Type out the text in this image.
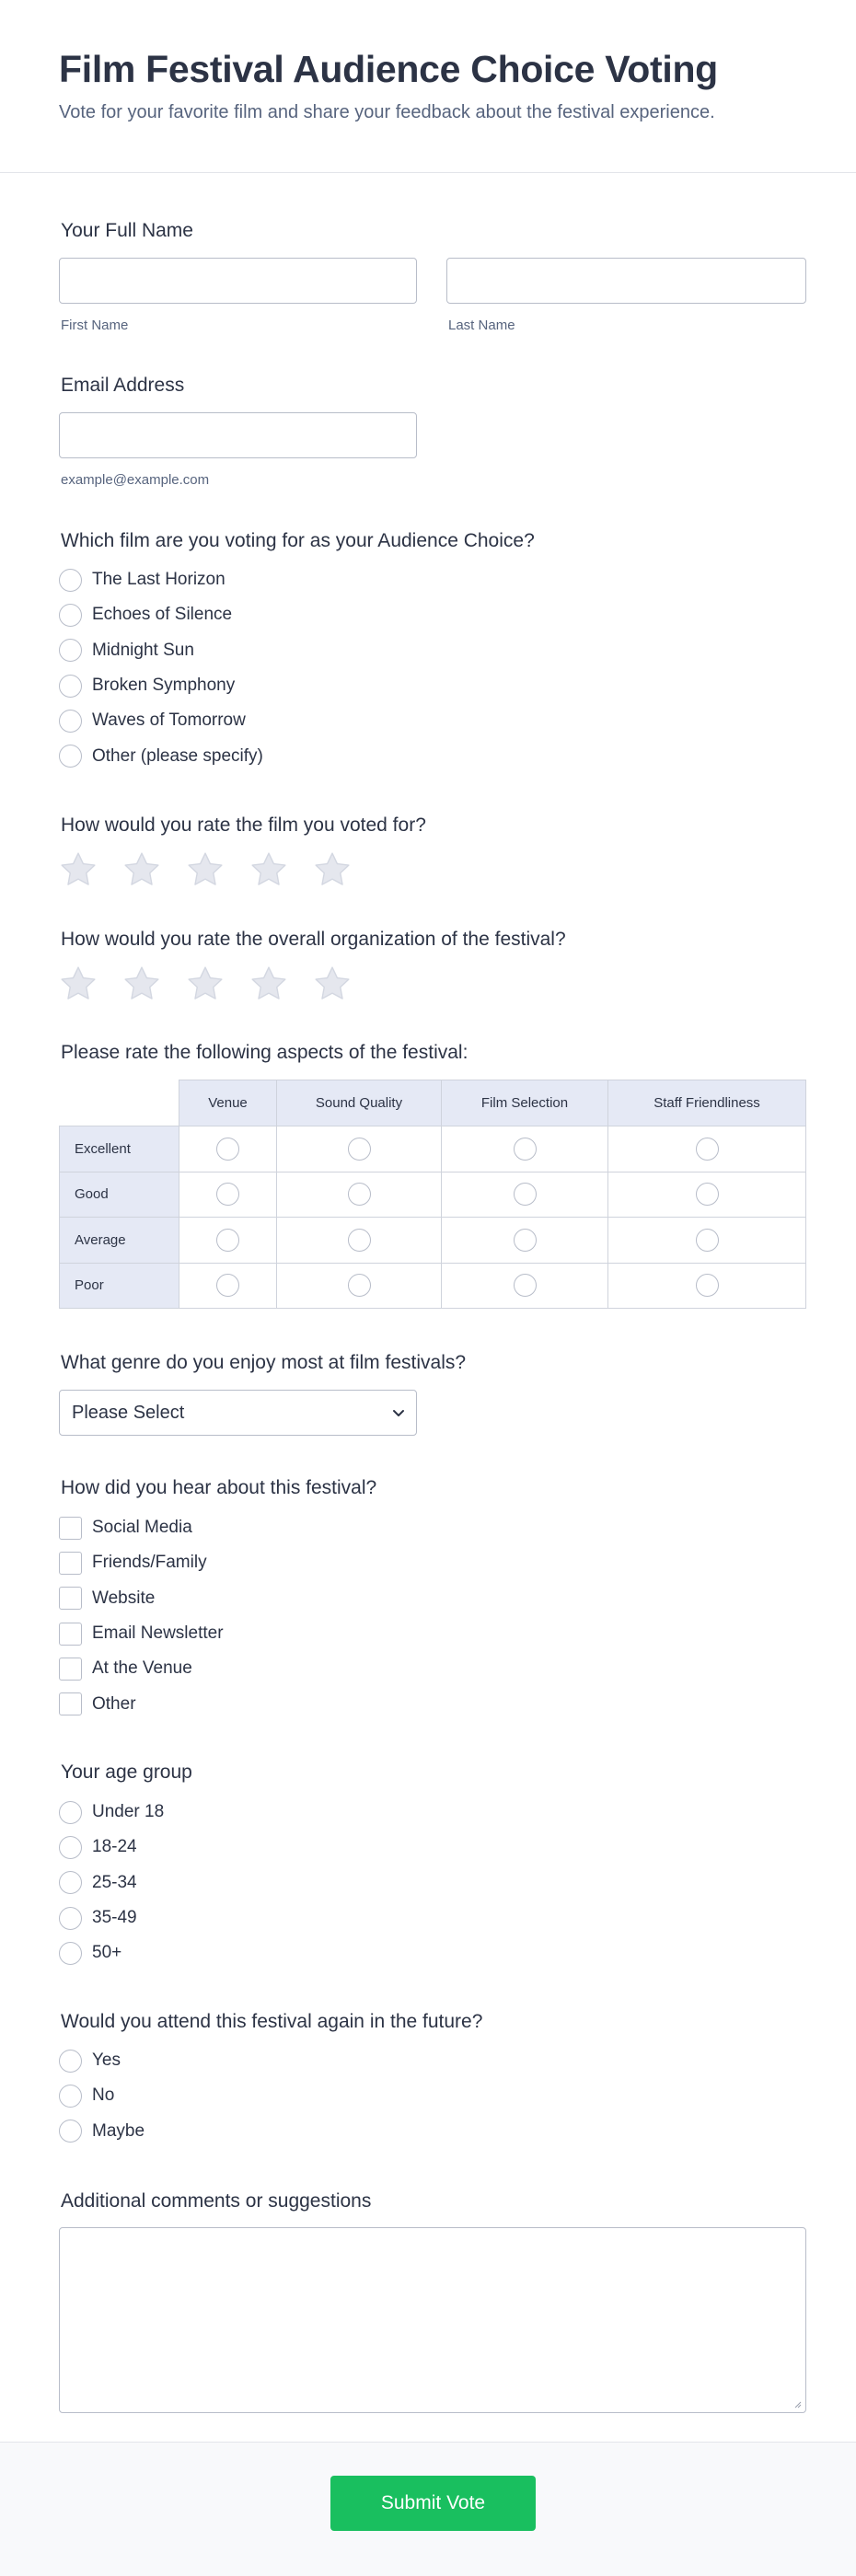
Film Festival Audience Choice Voting
Vote for your favorite film and share your feedback about the festival experience.
Your Full Name
First Name	Last Name
Email Address
example@example.com
Which film are you voting for as your Audience Choice?
The Last Horizon
Echoes of Silence
Midnight Sun
Broken Symphony
Waves of Tomorrow
Other (please specify)
How would you rate the film you voted for?
How would you rate the overall organization of the festival?
Please rate the following aspects of the festival:
	Venue	Sound Quality	Film Selection	Staff Friendliness
Excellent				
Good				
Average				
Poor				
What genre do you enjoy most at film festivals?
Please Select
How did you hear about this festival?
Social Media
Friends/Family
Website
Email Newsletter
At the Venue
Other
Your age group
Under 18
18-24
25-34
35-49
50+
Would you attend this festival again in the future?
Yes
No
Maybe
Additional comments or suggestions
Submit Vote
